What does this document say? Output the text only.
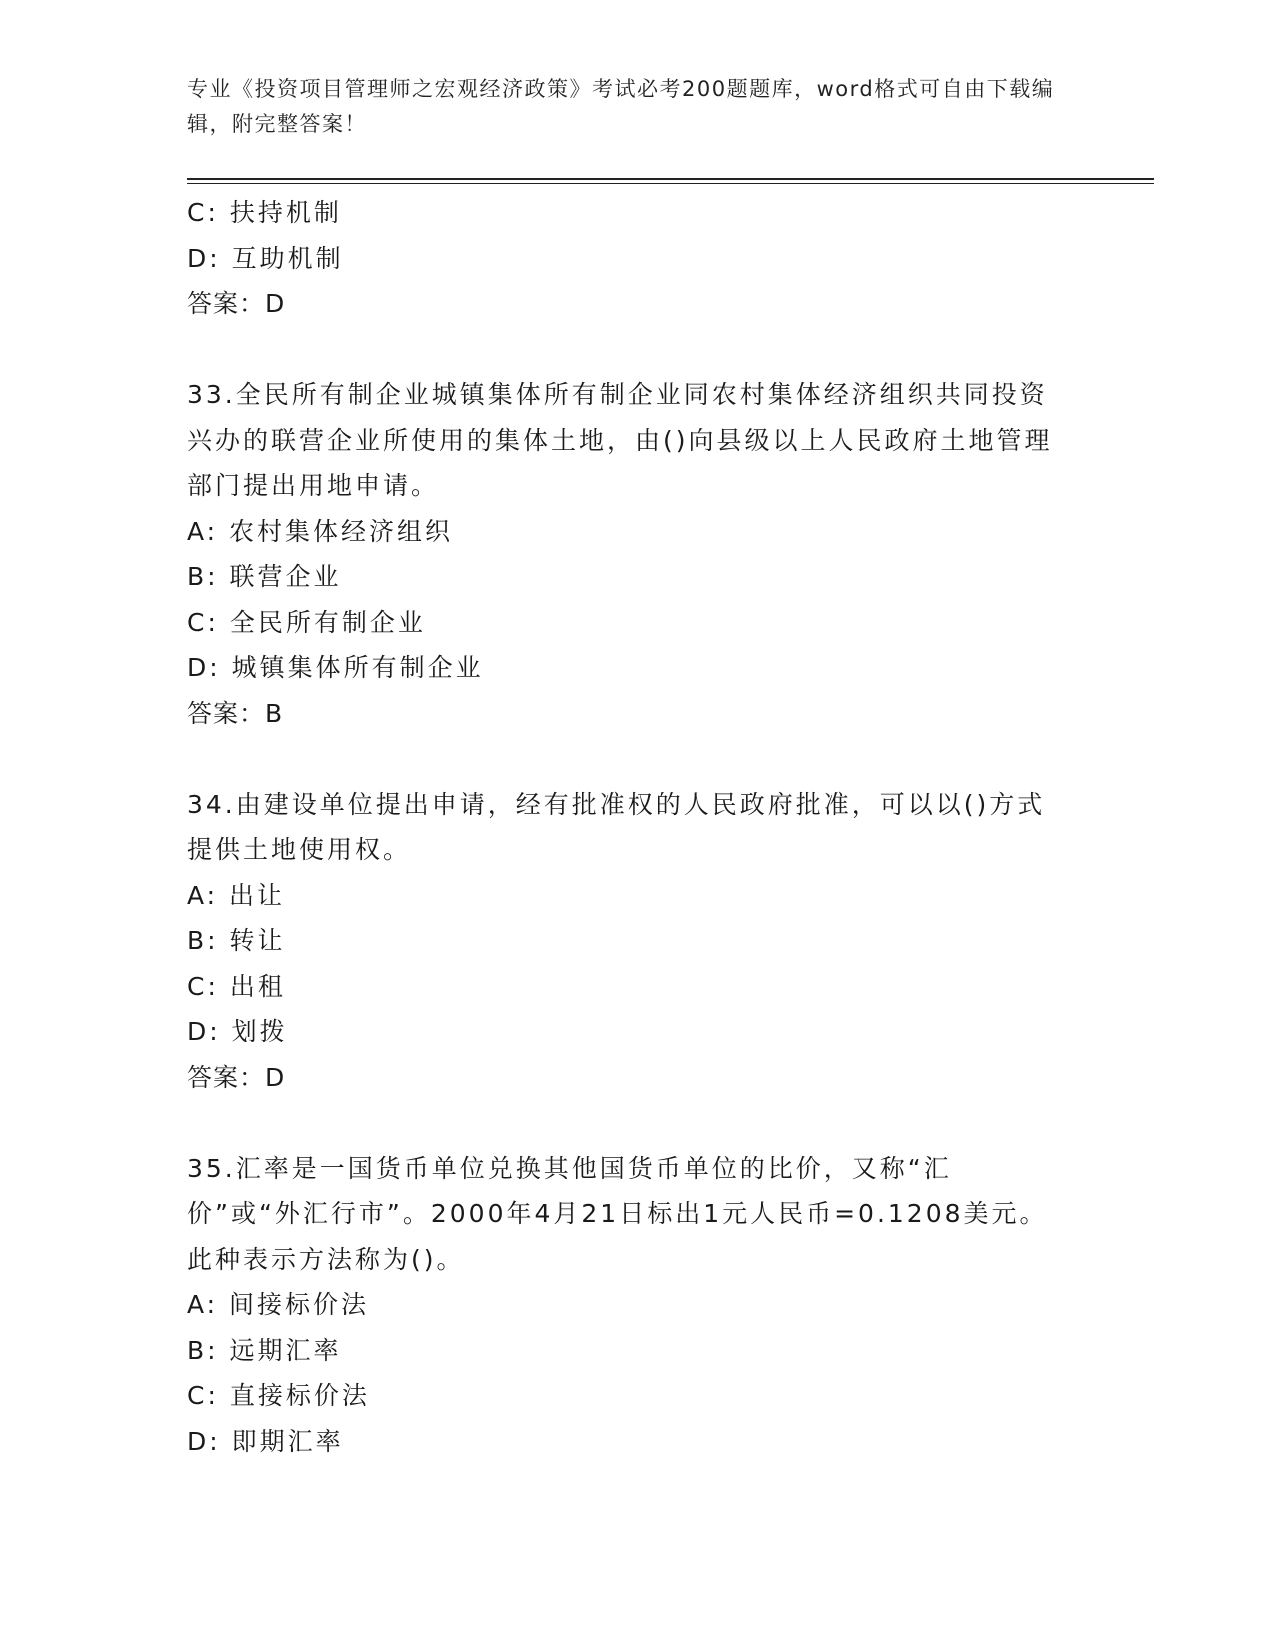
专业《投资项目管理师之宏观经济政策》考试必考200题题库，word格式可自由下载编辑，附完整答案！
C: 扶持机制
D: 互助机制
答案：D
33.全民所有制企业城镇集体所有制企业同农村集体经济组织共同投资兴办的联营企业所使用的集体土地，由()向县级以上人民政府土地管理部门提出用地申请。
A: 农村集体经济组织
B: 联营企业
C: 全民所有制企业
D: 城镇集体所有制企业
答案：B
34.由建设单位提出申请，经有批准权的人民政府批准，可以以()方式提供土地使用权。
A: 出让
B: 转让
C: 出租
D: 划拨
答案：D
35.汇率是一国货币单位兑换其他国货币单位的比价，又称“汇价”或“外汇行市”。2000年4月21日标出1元人民币=0.1208美元。此种表示方法称为()。
A: 间接标价法
B: 远期汇率
C: 直接标价法
D: 即期汇率
